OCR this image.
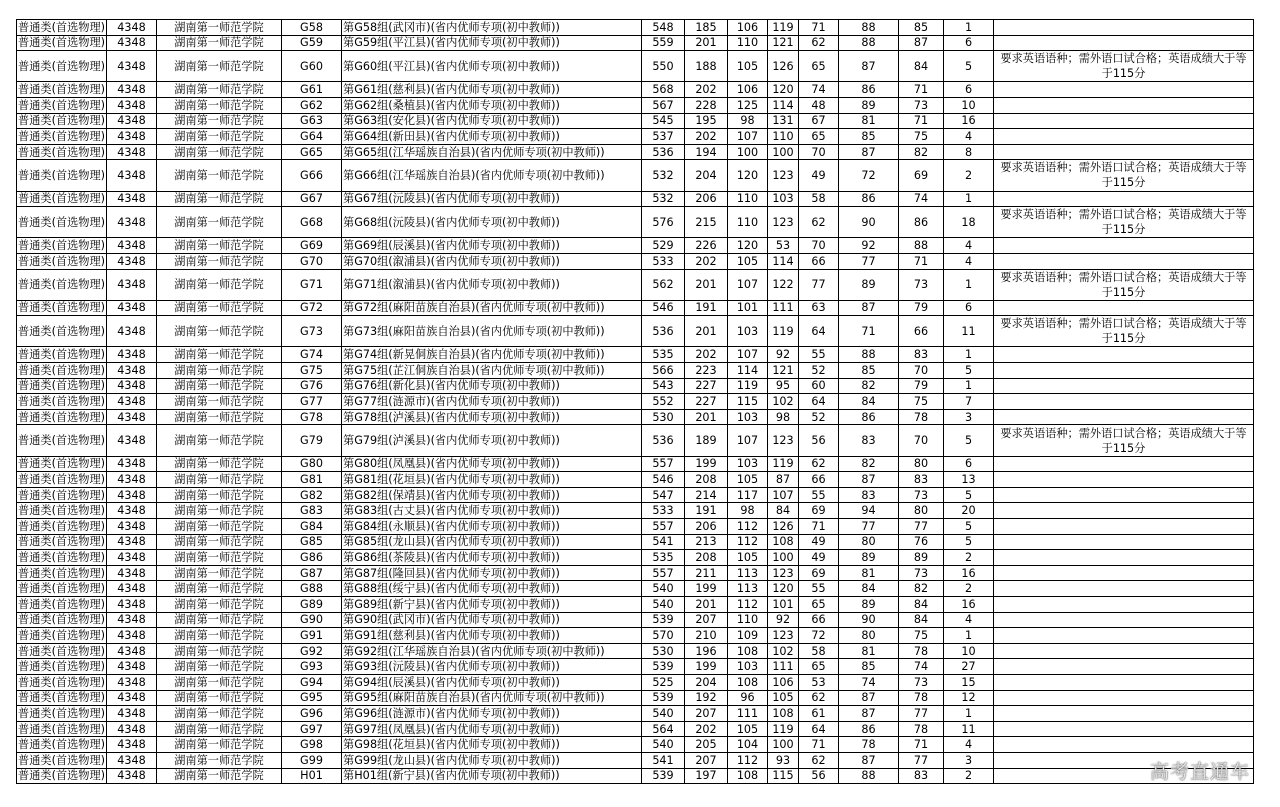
普通类(首选物理)	4348	湖南第一师范学院	G58	第G58组(武冈市)(省内优师专项(初中教师))	548	185	106	119	71	88	85	1	
普通类(首选物理)	4348	湖南第一师范学院	G59	第G59组(平江县)(省内优师专项(初中教师))	559	201	110	121	62	88	87	6	
普通类(首选物理)	4348	湖南第一师范学院	G60	第G60组(平江县)(省内优师专项(初中教师))	550	188	105	126	65	87	84	5	要求英语语种；需外语口试合格；英语成绩大于等于115分
普通类(首选物理)	4348	湖南第一师范学院	G61	第G61组(慈利县)(省内优师专项(初中教师))	568	202	106	120	74	86	71	6	
普通类(首选物理)	4348	湖南第一师范学院	G62	第G62组(桑植县)(省内优师专项(初中教师))	567	228	125	114	48	89	73	10	
普通类(首选物理)	4348	湖南第一师范学院	G63	第G63组(安化县)(省内优师专项(初中教师))	545	195	98	131	67	81	71	16	
普通类(首选物理)	4348	湖南第一师范学院	G64	第G64组(新田县)(省内优师专项(初中教师))	537	202	107	110	65	85	75	4	
普通类(首选物理)	4348	湖南第一师范学院	G65	第G65组(江华瑶族自治县)(省内优师专项(初中教师))	536	194	100	100	70	87	82	8	
普通类(首选物理)	4348	湖南第一师范学院	G66	第G66组(江华瑶族自治县)(省内优师专项(初中教师))	532	204	120	123	49	72	69	2	要求英语语种；需外语口试合格；英语成绩大于等于115分
普通类(首选物理)	4348	湖南第一师范学院	G67	第G67组(沅陵县)(省内优师专项(初中教师))	532	206	110	103	58	86	74	1	
普通类(首选物理)	4348	湖南第一师范学院	G68	第G68组(沅陵县)(省内优师专项(初中教师))	576	215	110	123	62	90	86	18	要求英语语种；需外语口试合格；英语成绩大于等于115分
普通类(首选物理)	4348	湖南第一师范学院	G69	第G69组(辰溪县)(省内优师专项(初中教师))	529	226	120	53	70	92	88	4	
普通类(首选物理)	4348	湖南第一师范学院	G70	第G70组(溆浦县)(省内优师专项(初中教师))	533	202	105	114	66	77	71	4	
普通类(首选物理)	4348	湖南第一师范学院	G71	第G71组(溆浦县)(省内优师专项(初中教师))	562	201	107	122	77	89	73	1	要求英语语种；需外语口试合格；英语成绩大于等于115分
普通类(首选物理)	4348	湖南第一师范学院	G72	第G72组(麻阳苗族自治县)(省内优师专项(初中教师))	546	191	101	111	63	87	79	6	
普通类(首选物理)	4348	湖南第一师范学院	G73	第G73组(麻阳苗族自治县)(省内优师专项(初中教师))	536	201	103	119	64	71	66	11	要求英语语种；需外语口试合格；英语成绩大于等于115分
普通类(首选物理)	4348	湖南第一师范学院	G74	第G74组(新晃侗族自治县)(省内优师专项(初中教师))	535	202	107	92	55	88	83	1	
普通类(首选物理)	4348	湖南第一师范学院	G75	第G75组(芷江侗族自治县)(省内优师专项(初中教师))	566	223	114	121	52	85	70	5	
普通类(首选物理)	4348	湖南第一师范学院	G76	第G76组(新化县)(省内优师专项(初中教师))	543	227	119	95	60	82	79	1	
普通类(首选物理)	4348	湖南第一师范学院	G77	第G77组(涟源市)(省内优师专项(初中教师))	552	227	115	102	64	84	75	7	
普通类(首选物理)	4348	湖南第一师范学院	G78	第G78组(泸溪县)(省内优师专项(初中教师))	530	201	103	98	52	86	78	3	
普通类(首选物理)	4348	湖南第一师范学院	G79	第G79组(泸溪县)(省内优师专项(初中教师))	536	189	107	123	56	83	70	5	要求英语语种；需外语口试合格；英语成绩大于等于115分
普通类(首选物理)	4348	湖南第一师范学院	G80	第G80组(凤凰县)(省内优师专项(初中教师))	557	199	103	119	62	82	80	6	
普通类(首选物理)	4348	湖南第一师范学院	G81	第G81组(花垣县)(省内优师专项(初中教师))	546	208	105	87	66	87	83	13	
普通类(首选物理)	4348	湖南第一师范学院	G82	第G82组(保靖县)(省内优师专项(初中教师))	547	214	117	107	55	83	73	5	
普通类(首选物理)	4348	湖南第一师范学院	G83	第G83组(古丈县)(省内优师专项(初中教师))	533	191	98	84	69	94	80	20	
普通类(首选物理)	4348	湖南第一师范学院	G84	第G84组(永顺县)(省内优师专项(初中教师))	557	206	112	126	71	77	77	5	
普通类(首选物理)	4348	湖南第一师范学院	G85	第G85组(龙山县)(省内优师专项(初中教师))	541	213	112	108	49	80	76	5	
普通类(首选物理)	4348	湖南第一师范学院	G86	第G86组(茶陵县)(省内优师专项(初中教师))	535	208	105	100	49	89	89	2	
普通类(首选物理)	4348	湖南第一师范学院	G87	第G87组(隆回县)(省内优师专项(初中教师))	557	211	113	123	69	81	73	16	
普通类(首选物理)	4348	湖南第一师范学院	G88	第G88组(绥宁县)(省内优师专项(初中教师))	540	199	113	120	55	84	82	2	
普通类(首选物理)	4348	湖南第一师范学院	G89	第G89组(新宁县)(省内优师专项(初中教师))	540	201	112	101	65	89	84	16	
普通类(首选物理)	4348	湖南第一师范学院	G90	第G90组(武冈市)(省内优师专项(初中教师))	539	207	110	92	66	90	84	4	
普通类(首选物理)	4348	湖南第一师范学院	G91	第G91组(慈利县)(省内优师专项(初中教师))	570	210	109	123	72	80	75	1	
普通类(首选物理)	4348	湖南第一师范学院	G92	第G92组(江华瑶族自治县)(省内优师专项(初中教师))	530	196	108	102	58	81	78	10	
普通类(首选物理)	4348	湖南第一师范学院	G93	第G93组(沅陵县)(省内优师专项(初中教师))	539	199	103	111	65	85	74	27	
普通类(首选物理)	4348	湖南第一师范学院	G94	第G94组(辰溪县)(省内优师专项(初中教师))	525	204	108	106	53	74	73	15	
普通类(首选物理)	4348	湖南第一师范学院	G95	第G95组(麻阳苗族自治县)(省内优师专项(初中教师))	539	192	96	105	62	87	78	12	
普通类(首选物理)	4348	湖南第一师范学院	G96	第G96组(涟源市)(省内优师专项(初中教师))	540	207	111	108	61	87	77	1	
普通类(首选物理)	4348	湖南第一师范学院	G97	第G97组(凤凰县)(省内优师专项(初中教师))	564	202	105	119	64	86	78	11	
普通类(首选物理)	4348	湖南第一师范学院	G98	第G98组(花垣县)(省内优师专项(初中教师))	540	205	104	100	71	78	71	4	
普通类(首选物理)	4348	湖南第一师范学院	G99	第G99组(龙山县)(省内优师专项(初中教师))	541	207	112	93	62	87	77	3	
普通类(首选物理)	4348	湖南第一师范学院	H01	第H01组(新宁县)(省内优师专项(初中教师))	539	197	108	115	56	88	83	2		高考直通车
